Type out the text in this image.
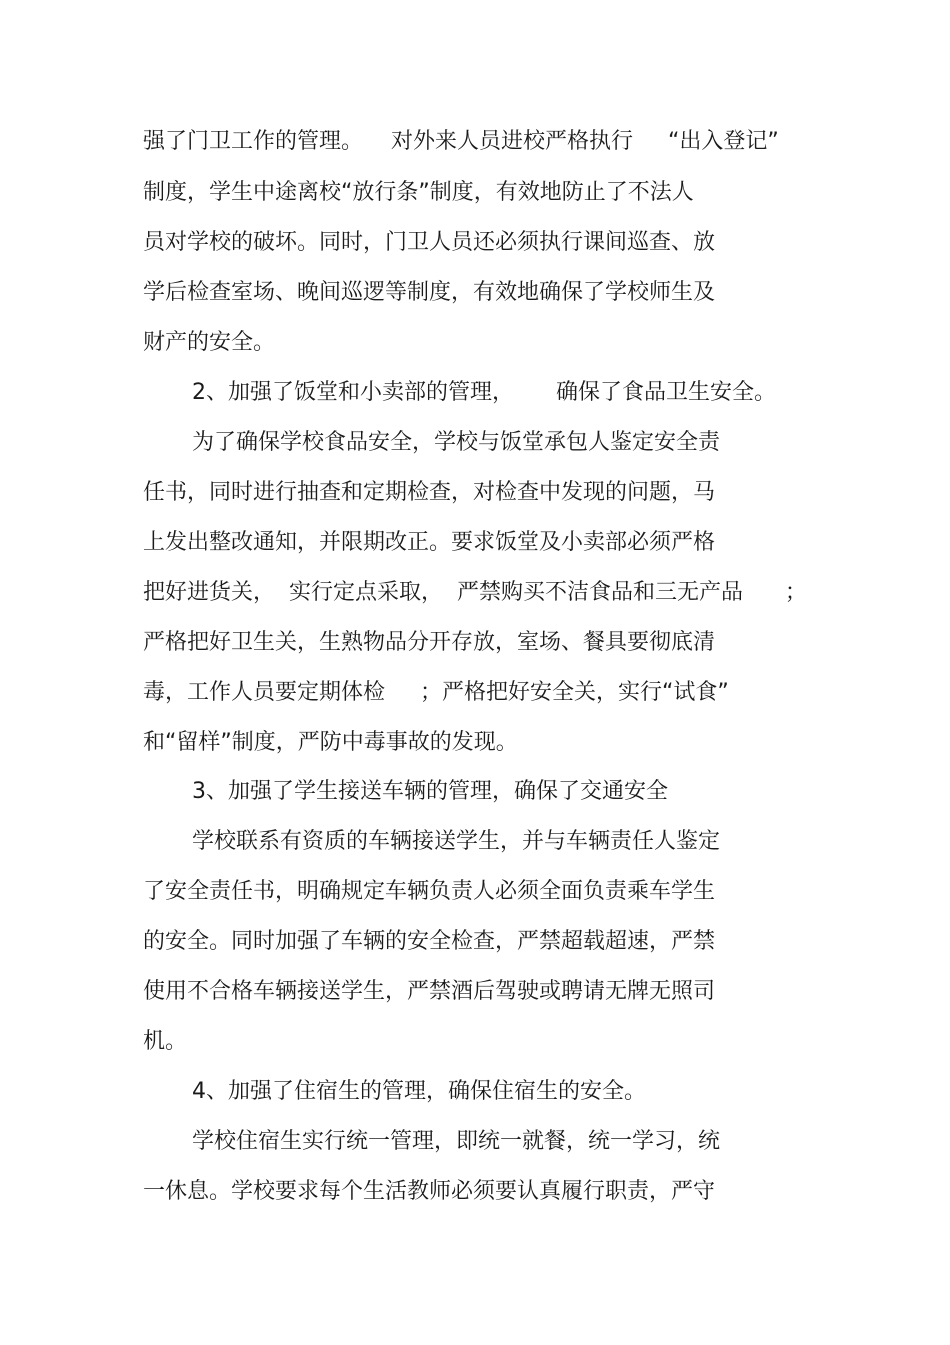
强了门卫工作的管理。    对外来人员进校严格执行     “出入登记”

制度，学生中途离校“放行条”制度，有效地防止了不法人

员对学校的破坏。同时，门卫人员还必须执行课间巡查、放

学后检查室场、晚间巡逻等制度，有效地确保了学校师生及

财产的安全。

2、加强了饭堂和小卖部的管理，      确保了食品卫生安全。

为了确保学校食品安全，学校与饭堂承包人鉴定安全责

任书，同时进行抽查和定期检查，对检查中发现的问题，马

上发出整改通知，并限期改正。要求饭堂及小卖部必须严格

把好进货关，  实行定点采取，  严禁购买不洁食品和三无产品      ；

严格把好卫生关，生熟物品分开存放，室场、餐具要彻底清

毒，工作人员要定期体检     ；严格把好安全关，实行“试食”

和“留样”制度，严防中毒事故的发现。

3、加强了学生接送车辆的管理，确保了交通安全

学校联系有资质的车辆接送学生，并与车辆责任人鉴定

了安全责任书，明确规定车辆负责人必须全面负责乘车学生

的安全。同时加强了车辆的安全检查，严禁超载超速，严禁

使用不合格车辆接送学生，严禁酒后驾驶或聘请无牌无照司

机。

4、加强了住宿生的管理，确保住宿生的安全。

学校住宿生实行统一管理，即统一就餐，统一学习，统

一休息。学校要求每个生活教师必须要认真履行职责，严守
